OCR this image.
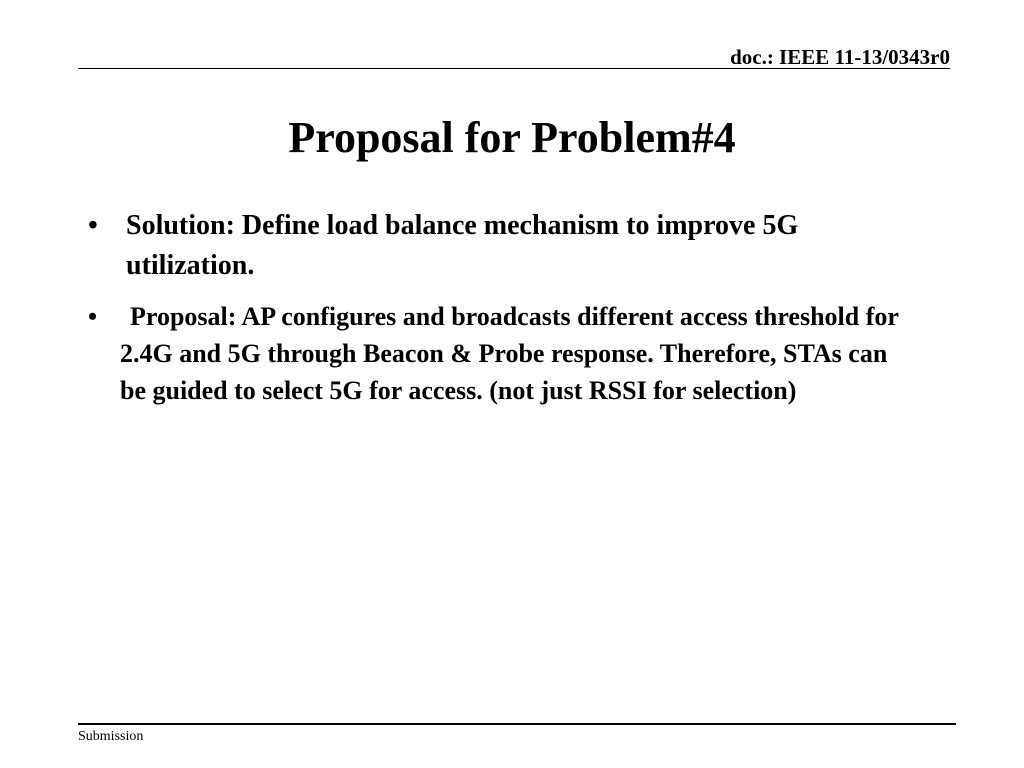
doc.: IEEE 11-13/0343r0
Proposal for Problem#4
• Solution: Define load balance mechanism to improve 5G utilization.
•	Proposal: AP configures and broadcasts different access threshold for 2.4G and 5G through Beacon & Probe response. Therefore, STAs can be guided to select 5G for access. (not just RSSI for selection)
Submission
